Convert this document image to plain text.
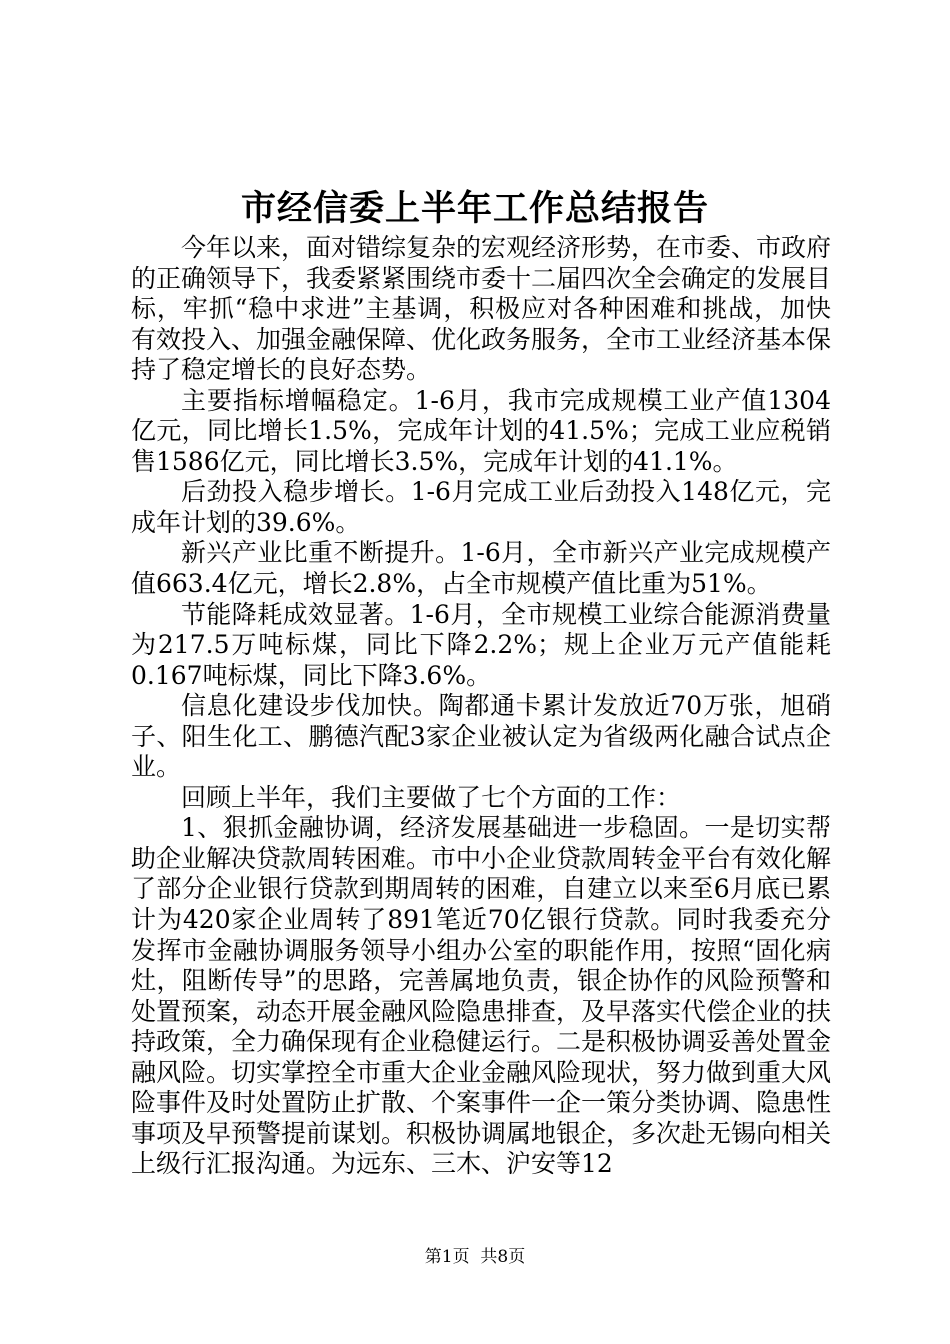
市经信委上半年工作总结报告

今年以来，面对错综复杂的宏观经济形势，在市委、市政府的正确领导下，我委紧紧围绕市委十二届四次全会确定的发展目标，牢抓“稳中求进”主基调，积极应对各种困难和挑战，加快有效投入、加强金融保障、优化政务服务，全市工业经济基本保持了稳定增长的良好态势。

主要指标增幅稳定。1-6月，我市完成规模工业产值1304亿元，同比增长1.5%，完成年计划的41.5%；完成工业应税销售1586亿元，同比增长3.5%，完成年计划的41.1%。

后劲投入稳步增长。1-6月完成工业后劲投入148亿元，完成年计划的39.6%。

新兴产业比重不断提升。1-6月，全市新兴产业完成规模产值663.4亿元，增长2.8%，占全市规模产值比重为51%。

节能降耗成效显著。1-6月，全市规模工业综合能源消费量为217.5万吨标煤，同比下降2.2%；规上企业万元产值能耗0.167吨标煤，同比下降3.6%。

信息化建设步伐加快。陶都通卡累计发放近70万张，旭硝子、阳生化工、鹏德汽配3家企业被认定为省级两化融合试点企业。

回顾上半年，我们主要做了七个方面的工作：

1、狠抓金融协调，经济发展基础进一步稳固。一是切实帮助企业解决贷款周转困难。市中小企业贷款周转金平台有效化解了部分企业银行贷款到期周转的困难，自建立以来至6月底已累计为420家企业周转了891笔近70亿银行贷款。同时我委充分发挥市金融协调服务领导小组办公室的职能作用，按照“固化病灶，阻断传导”的思路，完善属地负责，银企协作的风险预警和处置预案，动态开展金融风险隐患排查，及早落实代偿企业的扶持政策，全力确保现有企业稳健运行。二是积极协调妥善处置金融风险。切实掌控全市重大企业金融风险现状，努力做到重大风险事件及时处置防止扩散、个案事件一企一策分类协调、隐患性事项及早预警提前谋划。积极协调属地银企，多次赴无锡向相关上级行汇报沟通。为远东、三木、沪安等12

第1页 共8页
